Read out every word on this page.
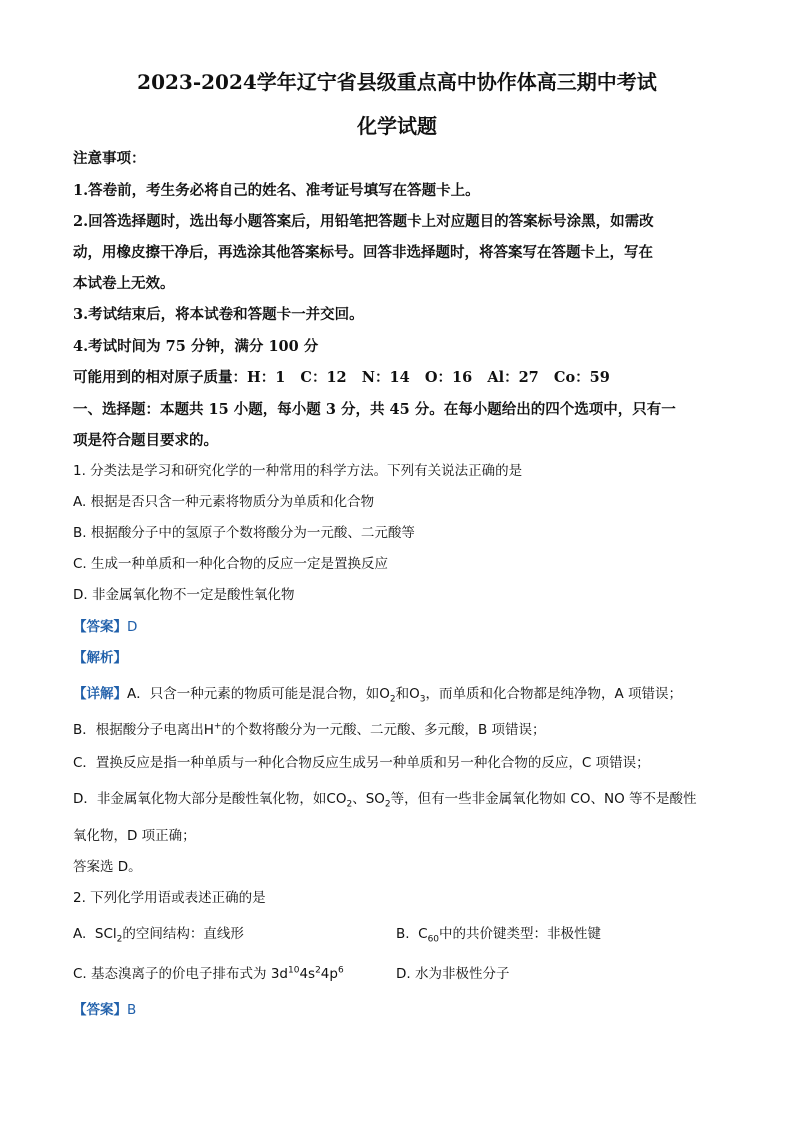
2023-2024学年辽宁省县级重点高中协作体高三期中考试
化学试题
注意事项：
1.答卷前，考生务必将自己的姓名、准考证号填写在答题卡上。
2.回答选择题时，选出每小题答案后，用铅笔把答题卡上对应题目的答案标号涂黑，如需改
动，用橡皮擦干净后，再选涂其他答案标号。回答非选择题时，将答案写在答题卡上，写在
本试卷上无效。
3.考试结束后，将本试卷和答题卡一并交回。
4.考试时间为 75 分钟，满分 100 分
可能用到的相对原子质量：H：1   C：12   N：14   O：16   Al：27   Co：59
一、选择题：本题共 15 小题，每小题 3 分，共 45 分。在每小题给出的四个选项中，只有一
项是符合题目要求的。
1. 分类法是学习和研究化学的一种常用的科学方法。下列有关说法正确的是
A. 根据是否只含一种元素将物质分为单质和化合物
B. 根据酸分子中的氢原子个数将酸分为一元酸、二元酸等
C. 生成一种单质和一种化合物的反应一定是置换反应
D. 非金属氧化物不一定是酸性氧化物
【答案】D
【解析】
【详解】A．只含一种元素的物质可能是混合物，如$O_2$和$O_3$，而单质和化合物都是纯净物，A 项错误；
B．根据酸分子电离出H+的个数将酸分为一元酸、二元酸、多元酸，B 项错误；
C．置换反应是指一种单质与一种化合物反应生成另一种单质和另一种化合物的反应，C 项错误；
D．非金属氧化物大部分是酸性氧化物，如$CO_2$、$SO_2$等，但有一些非金属氧化物如 CO、NO 等不是酸性
氧化物，D 项正确；
答案选 D。
2. 下列化学用语或表述正确的是
A.  SCl$_2$的空间结构：直线形	B.  $C_{60}$中的共价键类型：非极性键
C. 基态溴离子的价电子排布式为 $3d^{10}4s^24p^6$	D. 水为非极性分子
【答案】B
